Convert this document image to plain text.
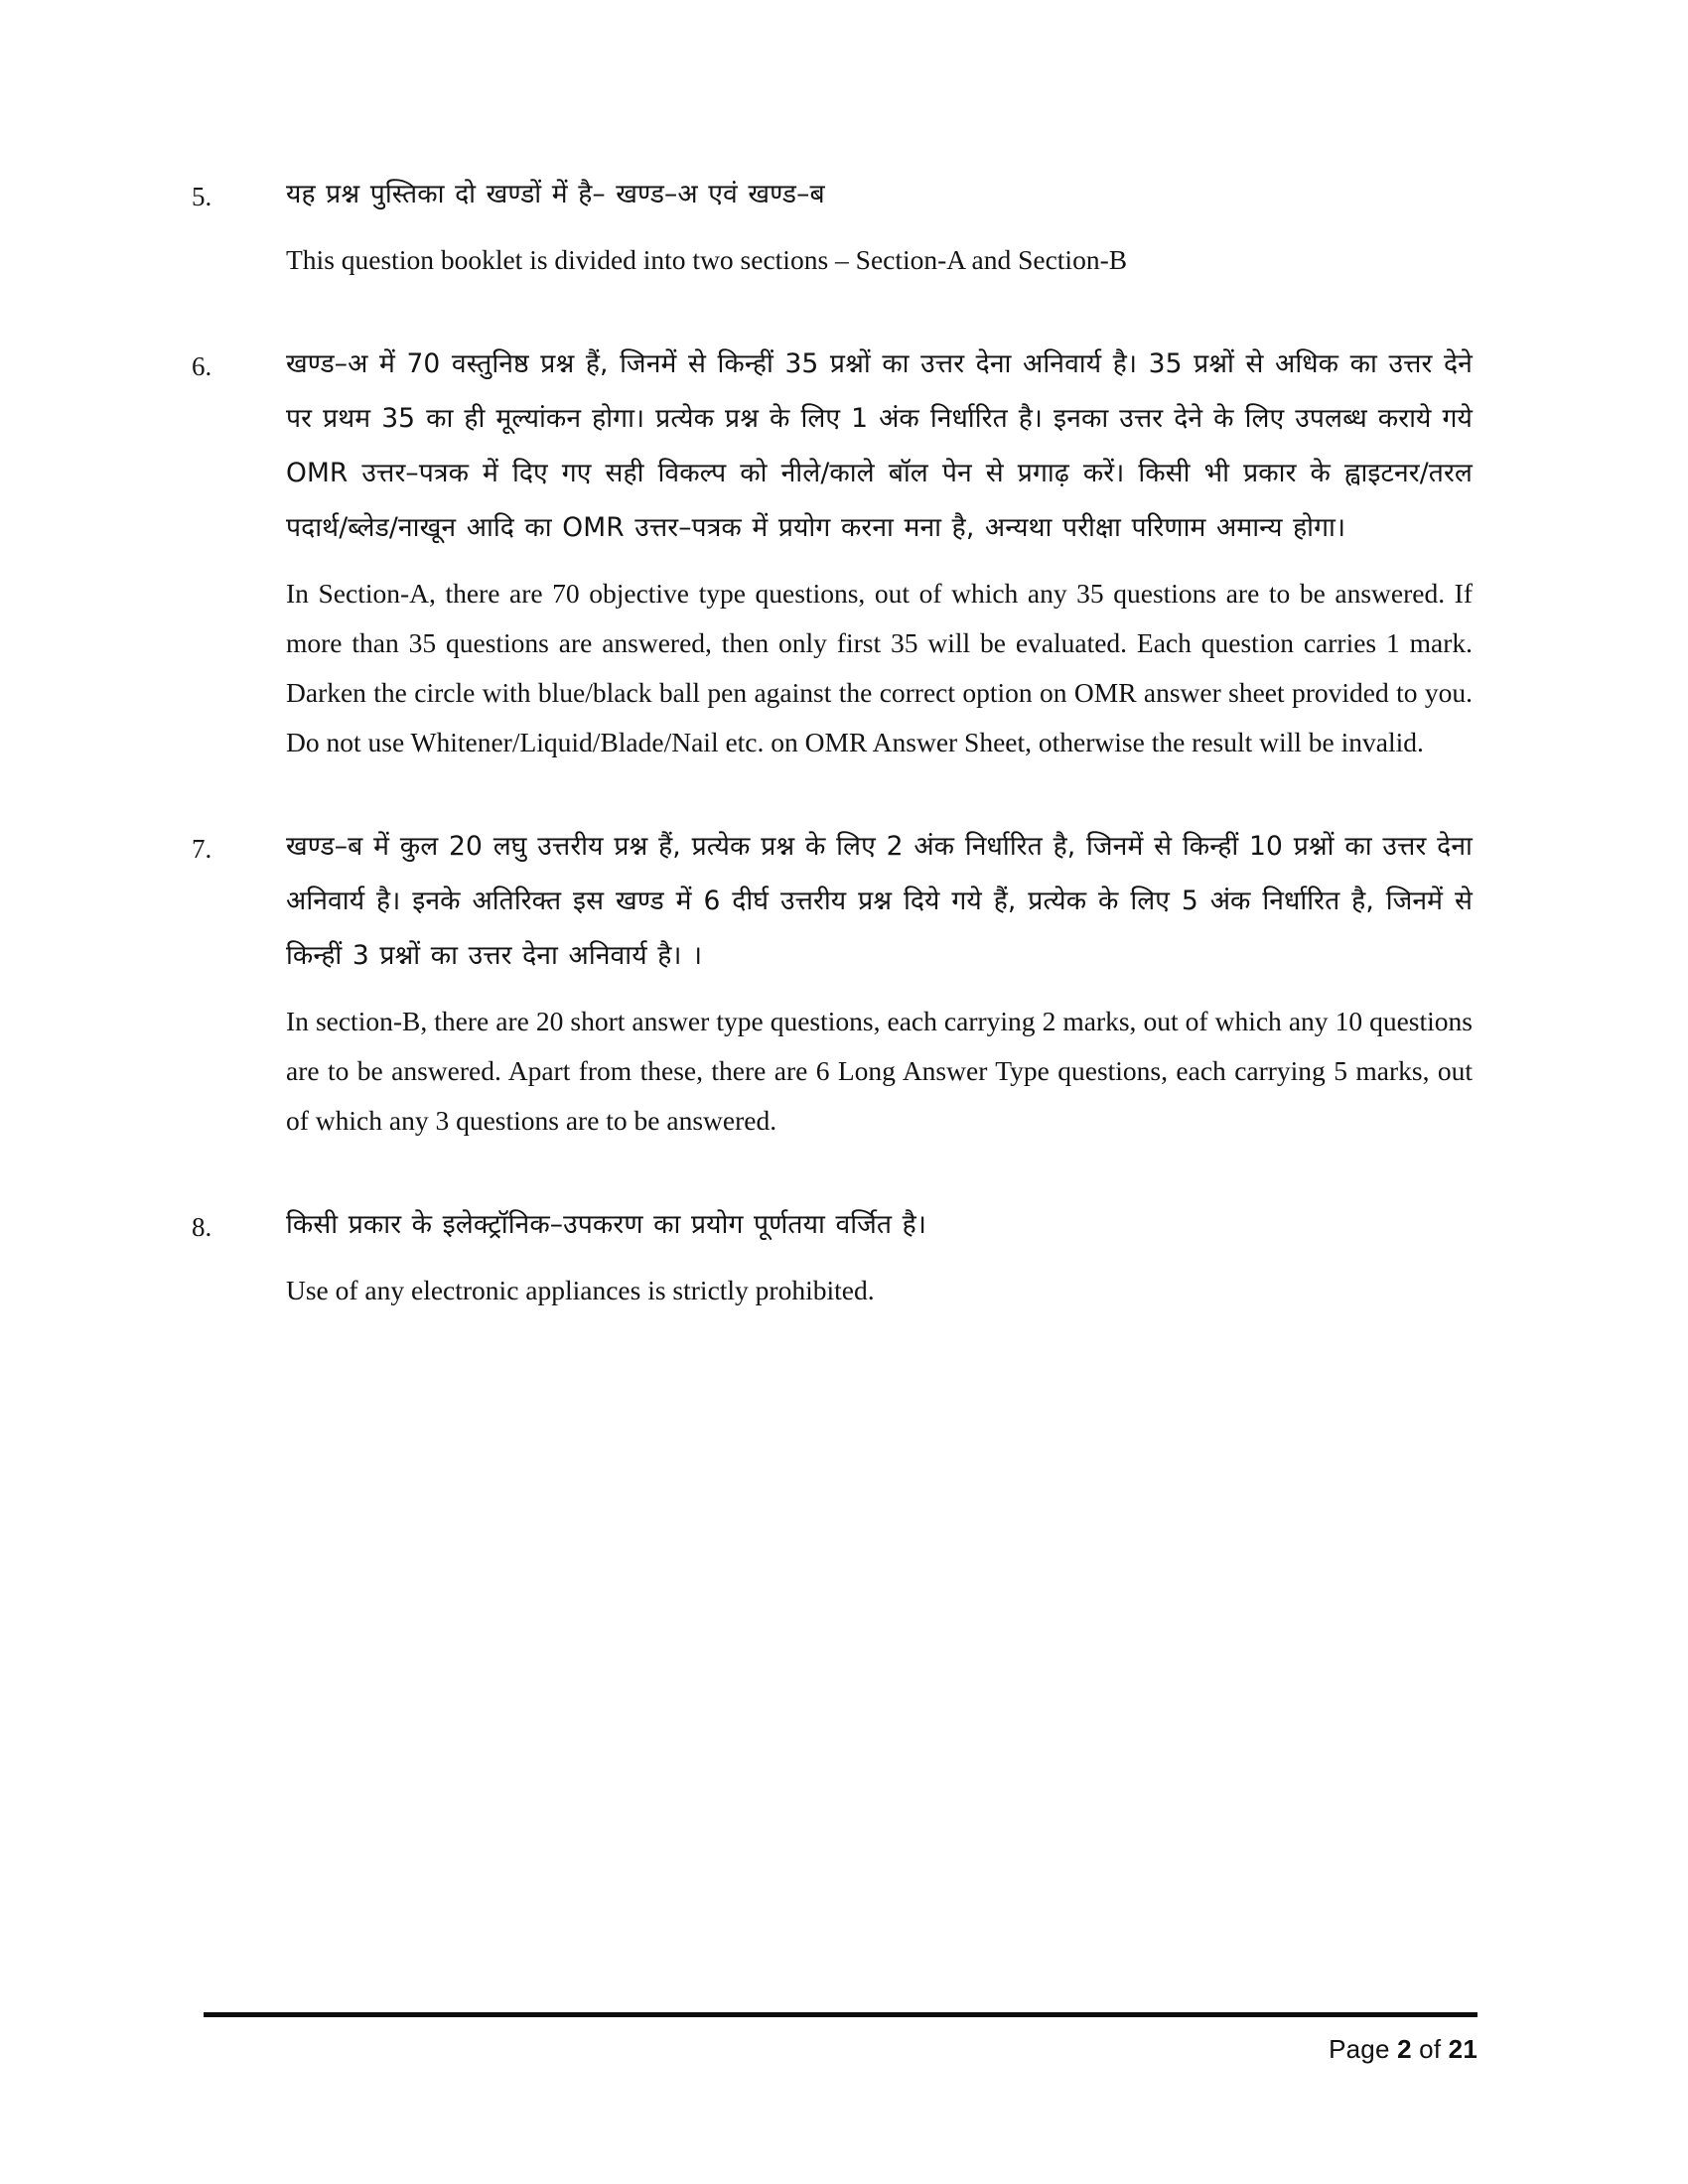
5.	यह प्रश्न पुस्तिका दो खण्डों में है– खण्ड–अ एवं खण्ड–ब

This question booklet is divided into two sections – Section-A and Section-B

6.	खण्ड–अ में 70 वस्तुनिष्ठ प्रश्न हैं, जिनमें से किन्हीं 35 प्रश्नों का उत्तर देना अनिवार्य है। 35 प्रश्नों से अधिक का उत्तर देने पर प्रथम 35 का ही मूल्यांकन होगा। प्रत्येक प्रश्न के लिए 1 अंक निर्धारित है। इनका उत्तर देने के लिए उपलब्ध कराये गये OMR उत्तर–पत्रक में दिए गए सही विकल्प को नीले/काले बॉल पेन से प्रगाढ़ करें। किसी भी प्रकार के ह्वाइटनर/तरल पदार्थ/ब्लेड/नाखून आदि का OMR उत्तर–पत्रक में प्रयोग करना मना है, अन्यथा परीक्षा परिणाम अमान्य होगा।

In Section-A, there are 70 objective type questions, out of which any 35 questions are to be answered. If more than 35 questions are answered, then only first 35 will be evaluated. Each question carries 1 mark. Darken the circle with blue/black ball pen against the correct option on OMR answer sheet provided to you. Do not use Whitener/Liquid/Blade/Nail etc. on OMR Answer Sheet, otherwise the result will be invalid.

7.	खण्ड–ब में कुल 20 लघु उत्तरीय प्रश्न हैं, प्रत्येक प्रश्न के लिए 2 अंक निर्धारित है, जिनमें से किन्हीं 10 प्रश्नों का उत्तर देना अनिवार्य है। इनके अतिरिक्त इस खण्ड में 6 दीर्घ उत्तरीय प्रश्न दिये गये हैं, प्रत्येक के लिए 5 अंक निर्धारित है, जिनमें से किन्हीं 3 प्रश्नों का उत्तर देना अनिवार्य है। ।

In section-B, there are 20 short answer type questions, each carrying 2 marks, out of which any 10 questions are to be answered. Apart from these, there are 6 Long Answer Type questions, each carrying 5 marks, out of which any 3 questions are to be answered.

8.	किसी प्रकार के इलेक्ट्रॉनिक–उपकरण का प्रयोग पूर्णतया वर्जित है।

Use of any electronic appliances is strictly prohibited.

Page 2 of 21
